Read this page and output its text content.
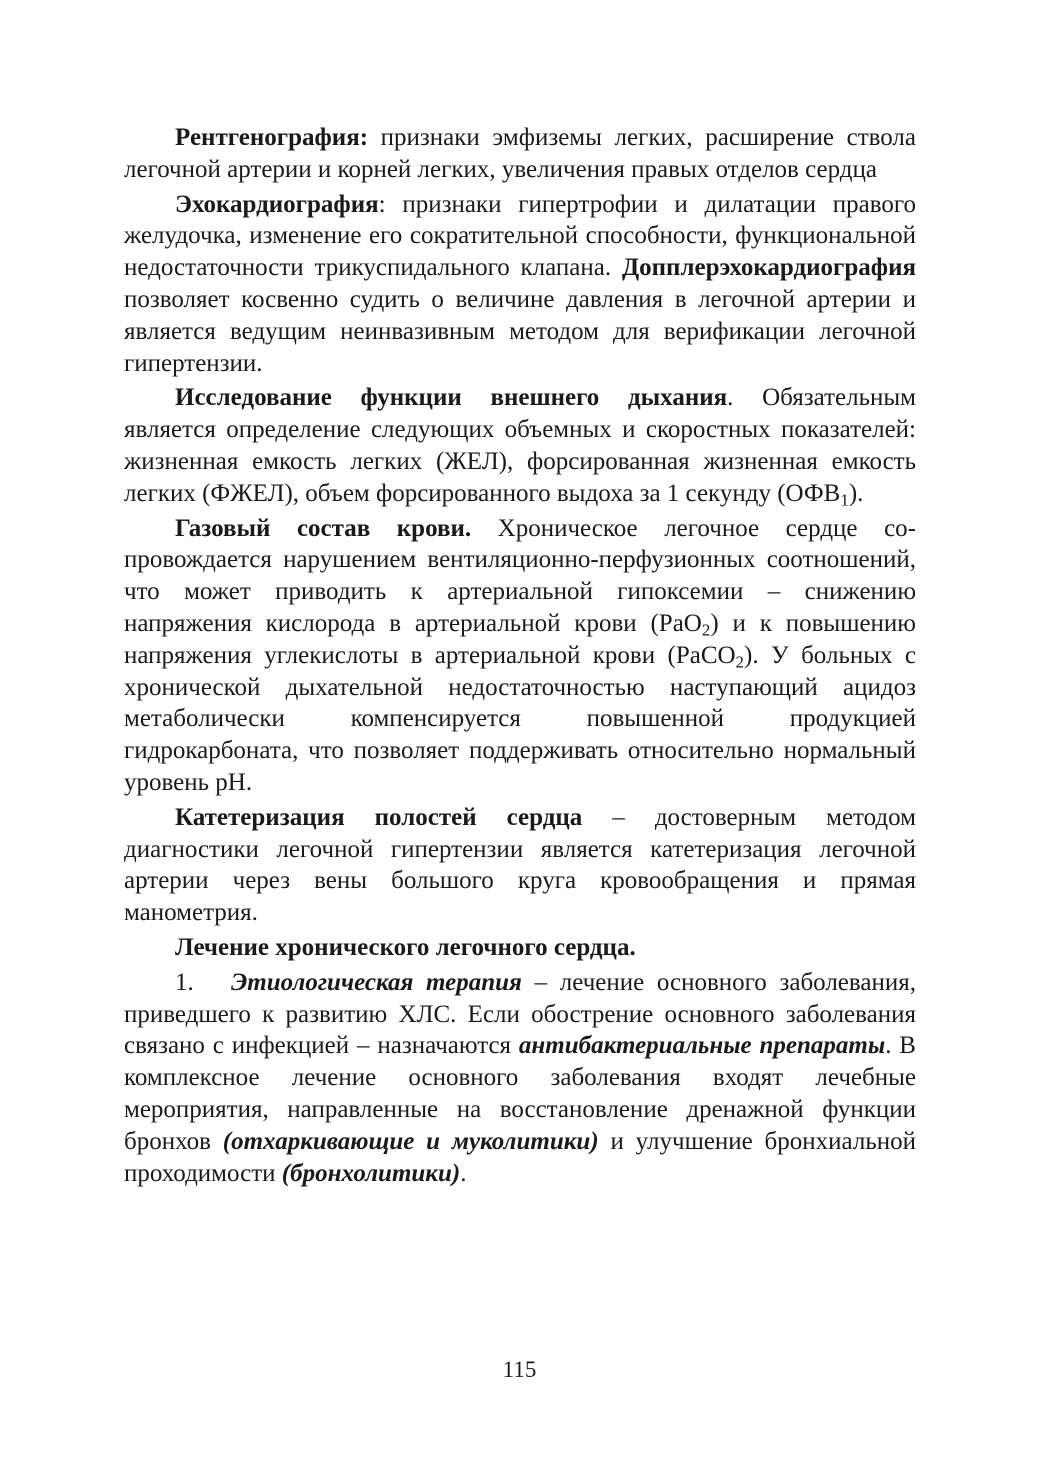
Рентгенография: признаки эмфиземы легких, расширение ствола легочной артерии и корней легких, увеличения правых отделов сердца

Эхокардиография: признаки гипертрофии и дилатации правого желудочка, изменение его сократительной способности, функциональной недостаточности трикуспидального клапана. Допплерэхокардиография позволяет косвенно судить о величине давления в легочной артерии и является ведущим неинвазивным методом для верификации легочной гипертензии.

Исследование функции внешнего дыхания. Обязательным является определение следующих объемных и скоростных показателей: жизненная емкость легких (ЖЕЛ), форсированная жизненная емкость легких (ФЖЕЛ), объем форсированного выдоха за 1 секунду $(ОФВ_1)$.

Газовый состав крови. Хроническое легочное сердце сопровождается нарушением вентиляционно-перфузионных соотношений, что может приводить к артериальной гипоксемии – снижению напряжения кислорода в артериальной крови (PaO$_2$) и к повышению напряжения углекислоты в артериальной крови (PaCO$_2$). У больных с хронической дыхательной недостаточностью наступающий ацидоз метаболически компенсируется повышенной продукцией гидрокарбоната, что позволяет поддерживать относительно нормальный уровень рН.

Катетеризация полостей сердца – достоверным методом диагностики легочной гипертензии является катетеризация легочной артерии через вены большого круга кровообращения и прямая манометрия.

Лечение хронического легочного сердца.

1. Этиологическая терапия – лечение основного заболевания, приведшего к развитию ХЛС. Если обострение основного заболевания связано с инфекцией – назначаются антибактериальные препараты. В комплексное лечение основного заболевания входят лечебные мероприятия, направленные на восстановление дренажной функции бронхов (отхаркивающие и муколитики) и улучшение бронхиальной проходимости (бронхолитики).

115
